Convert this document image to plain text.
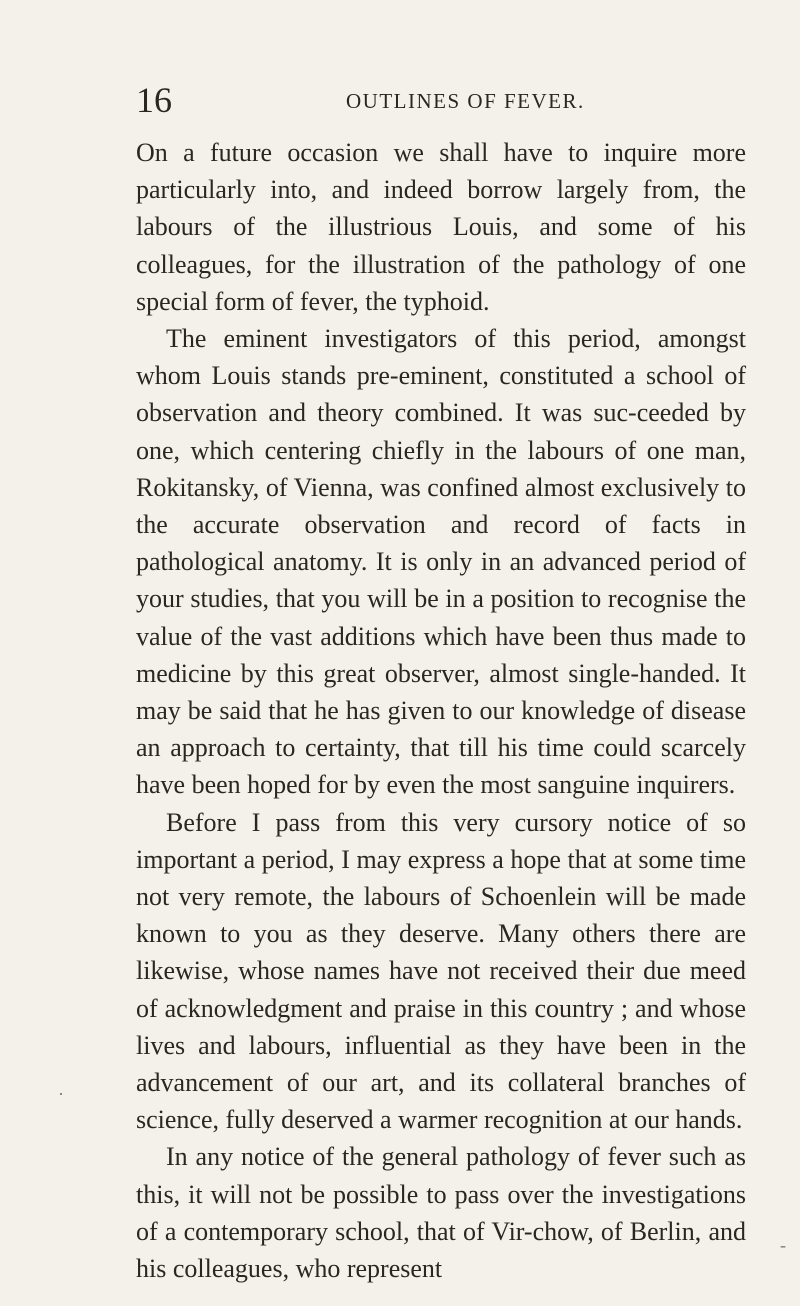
16	OUTLINES OF FEVER.

On a future occasion we shall have to inquire more particularly into, and indeed borrow largely from, the labours of the illustrious Louis, and some of his colleagues, for the illustration of the pathology of one special form of fever, the typhoid.

The eminent investigators of this period, amongst whom Louis stands pre-eminent, constituted a school of observation and theory combined. It was suc-ceeded by one, which centering chiefly in the labours of one man, Rokitansky, of Vienna, was confined almost exclusively to the accurate observation and record of facts in pathological anatomy. It is only in an advanced period of your studies, that you will be in a position to recognise the value of the vast additions which have been thus made to medicine by this great observer, almost single-handed. It may be said that he has given to our knowledge of disease an approach to certainty, that till his time could scarcely have been hoped for by even the most sanguine inquirers.

Before I pass from this very cursory notice of so important a period, I may express a hope that at some time not very remote, the labours of Schoenlein will be made known to you as they deserve. Many others there are likewise, whose names have not received their due meed of acknowledgment and praise in this country ; and whose lives and labours, influential as they have been in the advancement of our art, and its collateral branches of science, fully deserved a warmer recognition at our hands.

In any notice of the general pathology of fever such as this, it will not be possible to pass over the investigations of a contemporary school, that of Vir-chow, of Berlin, and his colleagues, who represent

·
-
